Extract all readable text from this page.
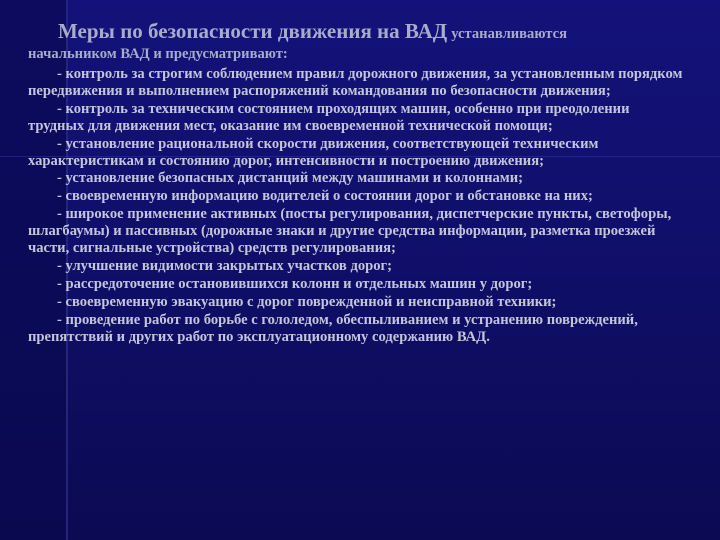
Меры по безопасности движения на ВАД устанавливаются
начальником ВАД и предусматривают:

- контроль за строгим соблюдением правил дорожного движения, за установленным порядком передвижения и выполнением распоряжений командования по безопасности движения;

- контроль за техническим состоянием проходящих машин, особенно при преодолении трудных для движения мест, оказание им своевременной технической помощи;

- установление рациональной скорости движения, соответствующей техническим характеристикам и состоянию дорог, интенсивности и построению движения;

- установление безопасных дистанций между машинами и колоннами;

- своевременную информацию водителей о состоянии дорог и обстановке на них;

- широкое применение активных (посты регулирования, диспетчерские пункты, светофоры, шлагбаумы) и пассивных (дорожные знаки и другие средства информации, разметка проезжей части, сигнальные устройства) средств регулирования;

- улучшение видимости закрытых участков дорог;

- рассредоточение остановившихся колонн и отдельных машин у дорог;

- своевременную эвакуацию с дорог поврежденной и неисправной техники;

- проведение работ по борьбе с гололедом, обеспыливанием и устранению повреждений, препятствий и других работ по эксплуатационному содержанию ВАД.
